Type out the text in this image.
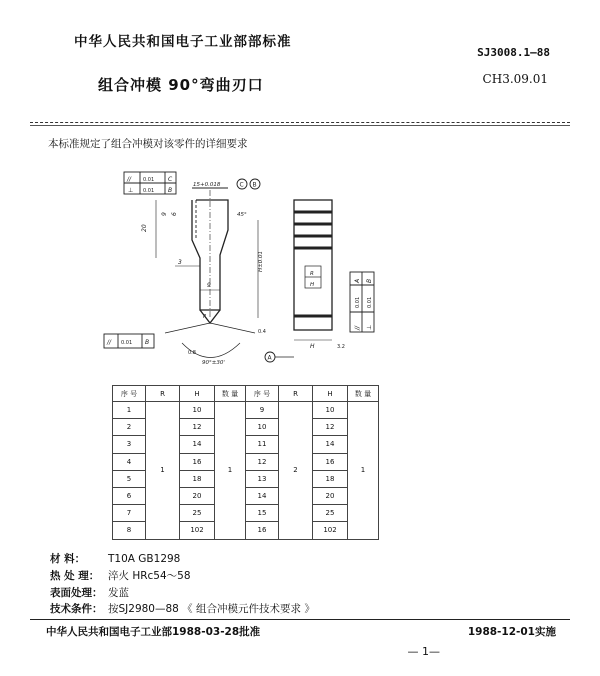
中华人民共和国电子工业部部标准
SJ3008.1—88
组合冲模 90°弯曲刃口	CH3.09.01
本标准规定了组合冲模对该零件的详细要求
// 0.01 C
⊥ 0.01 B
15+0.018	C B
20
9 6
3
9
45°
H±0.01
0.4
90°±30'
R
0.8
// 0.01 B
R
H
H
A
3.2
//
0.01
A
⊥
0.01
B
序 号	R	H	数 量	序 号	R	H	数 量
1	1	10	1	9	2	10	1
2		12		10		12	
3		14		11		14	
4		16		12		16	
5		18		13		18	
6		20		14		20	
7		25		15		25	
8		102		16		102	
材 料： T10A GB1298
热 处 理： 淬火 HRc54～58
表面处理： 发蓝
技术条件： 按SJ2980—88 《 组合冲模元件技术要求 》
中华人民共和国电子工业部1988-03-28批准	1988-12-01实施
— 1—
